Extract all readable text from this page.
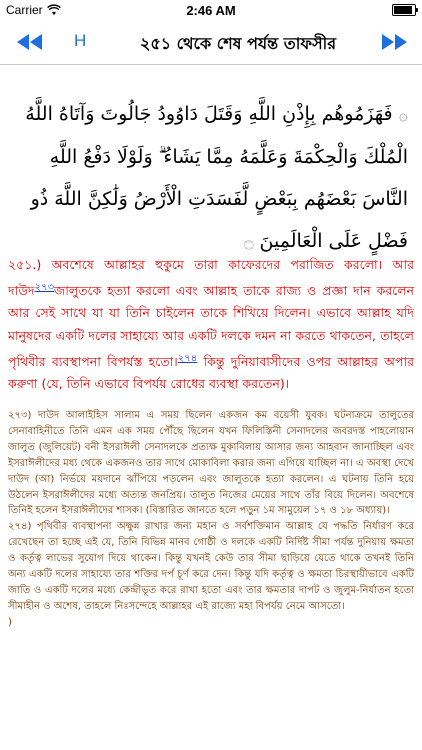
Carrier	2:46 AM
H	২৫১ থেকে শেষ পর্যন্ত তাফসীর
۞ فَهَزَمُوهُم بِإِذْنِ اللَّهِ وَقَتَلَ دَاوُودُ جَالُوتَ وَآتَاهُ اللَّهُ الْمُلْكَ وَالْحِكْمَةَ وَعَلَّمَهُ مِمَّا يَشَاءُ ۗ وَلَوْلَا دَفْعُ اللَّهِ النَّاسَ بَعْضَهُم بِبَعْضٍ لَّفَسَدَتِ الْأَرْضُ وَلَٰكِنَّ اللَّهَ ذُو فَضْلٍ عَلَى الْعَالَمِينَ ۝
২৫১.) অবশেষে আল্লাহর হুকুমে তারা কাফেরদের পরাজিত করলো। আর দাউদ$^{২৭৩}$জালুতকে হত্যা করলো এবং আল্লাহ তাকে রাজ্য ও প্রজ্ঞা দান করলেন আর সেই সাথে যা যা তিনি চাইলেন তাকে শিখিয়ে দিলেন। এভাবে আল্লাহ যদি মানুষদের একটি দলের সাহায্যে আর একটি দলকে দমন না করতে থাকতেন, তাহলে পৃথিবীর ব্যবস্থাপনা বিপর্যস্ত হতো।$^{২৭৪}$ কিন্তু দুনিয়াবাসীদের ওপর আল্লাহর অপার করুণা (যে, তিনি এভাবে বিপর্যয় রোধের ব্যবস্থা করতেন)।

২৭৩) দাউদ আলাইহিস সালাম এ সময় ছিলেন একজন কম বয়েসী যুবক। ঘটনাক্রমে তালুতের সেনাবাহিনীতে তিনি এমন এক সময় পৌঁছে ছিলেন যখন ফিলিস্তিনী সেনাদলের জবরদস্ত পাহলোয়ান জালুত (জুলিয়েট) বনী ইসরাঈলী সেনাদলকে প্রত্যক্ষ মুকাবিলায় আসার জন্য আহবান জানাচ্ছিল এবং ইসরাঈলীদের মধ্য থেকে একজনও তার সাথে মোকাবিলা করার জন্য এগিয়ে যাচ্ছিল না। এ অবস্থা দেখে দাউদ (আ) নির্ভয়ে ময়দানে ঝাঁপিয়ে পড়লেন এবং জালুতকে হত্যা করলেন। এ ঘটনায় তিনি হয়ে উঠলেন ইসরাঈলীদের মধ্যে অত্যন্ত জনপ্রিয়। তালুত নিজের মেয়ের সাথে তাঁর বিয়ে দিলেন। অবশেষে তিনিই হলেন ইসরাঈলীদের শাসক। (বিস্তারিত জানতে হলে পড়ুন ১ম সামুয়েল ১৭ ও ১৮ অধ্যায়)।

২৭৪) পৃথিবীর ব্যবস্থাপনা অক্ষুন্ন রাখার জন্য মহান ও সর্বশক্তিমান আল্লাহ যে পদ্ধতি নির্ধারণ করে রেখেছেন তা হচ্ছে এই যে, তিনি বিভিন্ন মানব গোষ্ঠী ও দলকে একটি নির্দিষ্ট সীমা পর্যন্ত দুনিয়ায় ক্ষমতা ও কর্তৃত্ব লাভের সুযোগ দিয়ে থাকেন। কিন্তু যখনই কেউ তার সীমা ছাড়িয়ে যেতে থাকে তখনই তিনি অন্য একটি দলের সাহায্যে তার শক্তির দর্প চূর্ণ করে দেন। কিন্তু যদি কর্তৃত্ব ও ক্ষমতা চিরস্থায়ীভাবে একটি জাতি ও একটি দলের মধ্যে কেন্দ্রীভূত করে রাখা হতো এবং তার ক্ষমতার দাপট ও জুলুম-নির্যাতন হতো সীমাহীন ও অশেষ, তাহলে নিঃসন্দেহে আল্লাহর এই রাজ্যে মহা বিপর্যয় নেমে আসতো।

)
